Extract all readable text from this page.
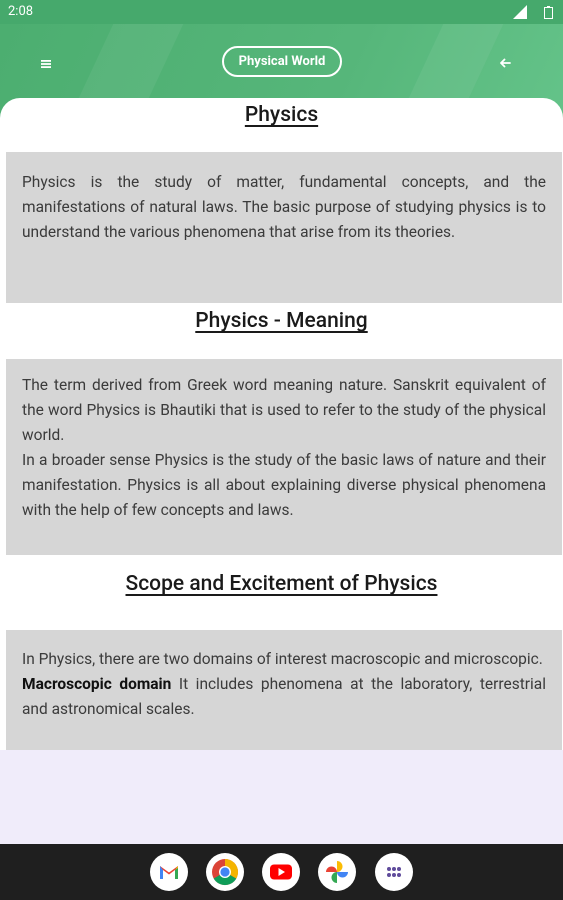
2:08
Physical World
Physics

Physics is the study of matter, fundamental concepts, and the manifestations of natural laws. The basic purpose of studying physics is to understand the various phenomena that arise from its theories.

Physics - Meaning

The term derived from Greek word meaning nature. Sanskrit equivalent of the word Physics is Bhautiki that is used to refer to the study of the physical world.

In a broader sense Physics is the study of the basic laws of nature and their manifestation. Physics is all about explaining diverse physical phenomena with the help of few concepts and laws.

Scope and Excitement of Physics

In Physics, there are two domains of interest macroscopic and microscopic.

Macroscopic domain It includes phenomena at the laboratory, terrestrial and astronomical scales.
